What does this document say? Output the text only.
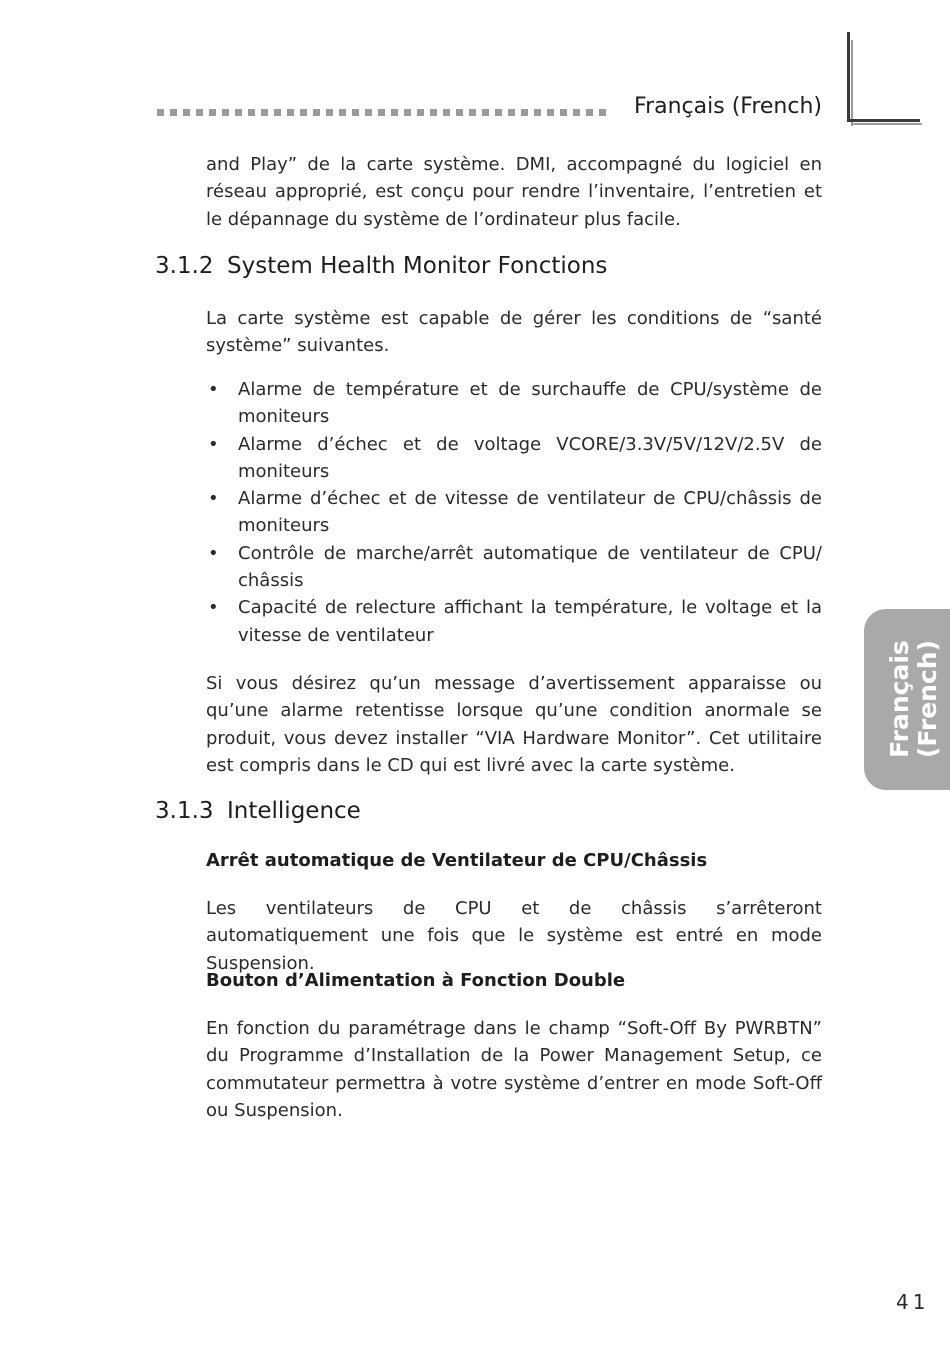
Français (French)

and Play” de la carte système. DMI, accompagné du logiciel en réseau approprié, est conçu pour rendre l’inventaire, l’entretien et le dépannage du système de l’ordinateur plus facile.

3.1.2 System Health Monitor Fonctions

La carte système est capable de gérer les conditions de “santé système” suivantes.

• Alarme de température et de surchauffe de CPU/système de moniteurs
• Alarme d’échec et de voltage VCORE/3.3V/5V/12V/2.5V de moniteurs
• Alarme d’échec et de vitesse de ventilateur de CPU/châssis de moniteurs
• Contrôle de marche/arrêt automatique de ventilateur de CPU/ châssis
• Capacité de relecture affichant la température, le voltage et la vitesse de ventilateur

Si vous désirez qu’un message d’avertissement apparaisse ou qu’une alarme retentisse lorsque qu’une condition anormale se produit, vous devez installer “VIA Hardware Monitor”. Cet utilitaire est compris dans le CD qui est livré avec la carte système.

3.1.3 Intelligence
Arrêt automatique de Ventilateur de CPU/Châssis

Les ventilateurs de CPU et de châssis s’arrêteront automatiquement une fois que le système est entré en mode Suspension.

Bouton d’Alimentation à Fonction Double

En fonction du paramétrage dans le champ “Soft-Off By PWRBTN” du Programme d’Installation de la Power Management Setup, ce commutateur permettra à votre système d’entrer en mode Soft-Off ou Suspension.

Français (French)
41
